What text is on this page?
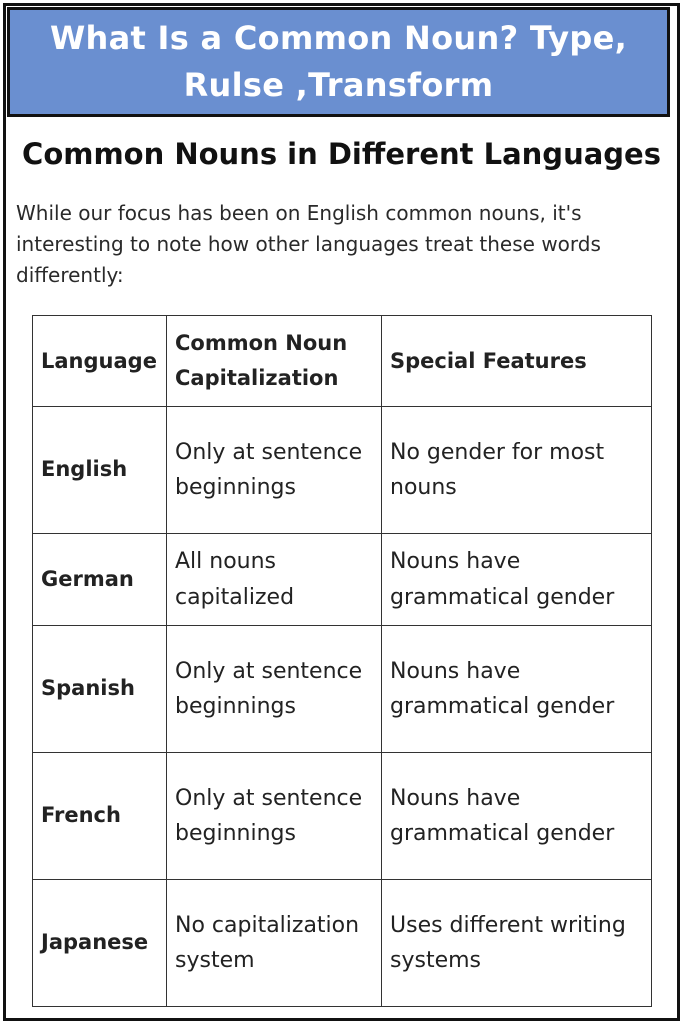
What Is a Common Noun? Type, Rulse ,Transform
Common Nouns in Different Languages
While our focus has been on English common nouns, it's interesting to note how other languages treat these words differently:
Language	Common Noun Capitalization	Special Features
English	Only at sentence beginnings	No gender for most nouns
German	All nouns capitalized	Nouns have grammatical gender
Spanish	Only at sentence beginnings	Nouns have grammatical gender
French	Only at sentence beginnings	Nouns have grammatical gender
Japanese	No capitalization system	Uses different writing systems
